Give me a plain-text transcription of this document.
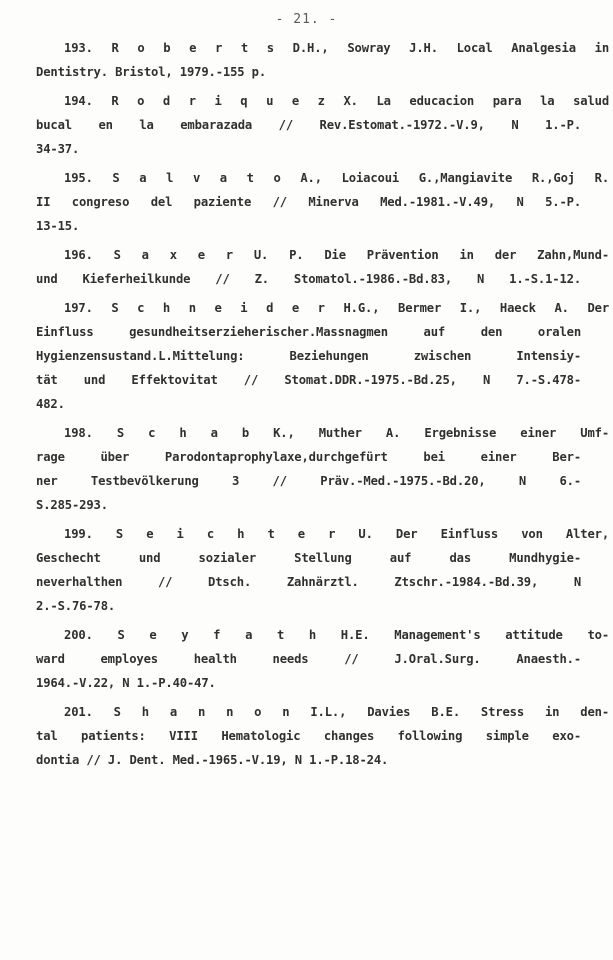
- 21. -
193. R o b e r t s D.H., Sowray J.H. Local Analgesia in
Dentistry. Bristol, 1979.-155 p.
194. R o d r i q u e z X. La educacion para la salud
bucal en la embarazada // Rev.Estomat.-1972.-V.9, N 1.-P.
34-37.
195. S a l v a t o A., Loiacoui G.,Mangiavite R.,Goj R.
II congreso del paziente // Minerva Med.-1981.-V.49, N 5.-P.
13-15.
196. S a x e r U. P. Die Prävention in der Zahn,Mund-
und Kieferheilkunde // Z. Stomatol.-1986.-Bd.83, N 1.-S.1-12.
197. S c h n e i d e r H.G., Bermer I., Haeck A. Der
Einfluss gesundheitserzieherischer.Massnagmen auf den oralen
Hygienzensustand.L.Mittelung: Beziehungen zwischen Intensiy-
tät und Effektovitat // Stomat.DDR.-1975.-Bd.25, N 7.-S.478-
482.
198. S c h a b K., Muther A. Ergebnisse einer Umf-
rage über Parodontaprophylaxe,durchgefürt bei einer Ber-
ner Testbevölkerung 3 // Präv.-Med.-1975.-Bd.20, N 6.-
S.285-293.
199. S e i c h t e r U. Der Einfluss von Alter,
Geschecht und sozialer Stellung auf das Mundhygie-
neverhalthen // Dtsch. Zahnärztl. Ztschr.-1984.-Bd.39, N
2.-S.76-78.
200. S e y f a t h H.E. Management's attitude to-
ward employes health needs // J.Oral.Surg. Anaesth.-
1964.-V.22, N 1.-P.40-47.
201. S h a n n o n I.L., Davies B.E. Stress in den-
tal patients: VIII Hematologic changes following simple exo-
dontia // J. Dent. Med.-1965.-V.19, N 1.-P.18-24.
